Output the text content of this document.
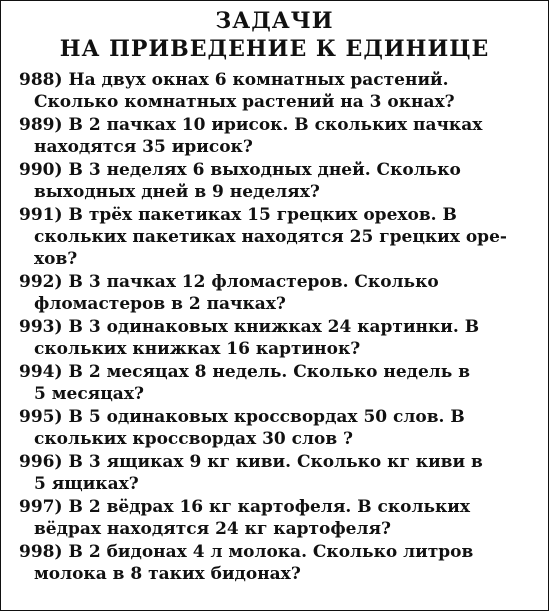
ЗАДАЧИ
НА ПРИВЕДЕНИЕ К ЕДИНИЦЕ
988) На двух окнах 6 комнатных растений.
Сколько комнатных растений на 3 окнах?
989) В 2 пачках 10 ирисок. В скольких пачках
находятся 35 ирисок?
990) В 3 неделях 6 выходных дней. Сколько
выходных дней в 9 неделях?
991) В трёх пакетиках 15 грецких орехов. В
скольких пакетиках находятся 25 грецких оре-
хов?
992) В 3 пачках 12 фломастеров. Сколько
фломастеров в 2 пачках?
993) В 3 одинаковых книжках 24 картинки. В
скольких книжках 16 картинок?
994) В 2 месяцах 8 недель. Сколько недель в
5 месяцах?
995) В 5 одинаковых кроссвордах 50 слов. В
скольких кроссвордах 30 слов ?
996) В 3 ящиках 9 кг киви. Сколько кг киви в
5 ящиках?
997) В 2 вёдрах 16 кг картофеля. В скольких
вёдрах находятся 24 кг картофеля?
998) В 2 бидонах 4 л молока. Сколько литров
молока в 8 таких бидонах?
